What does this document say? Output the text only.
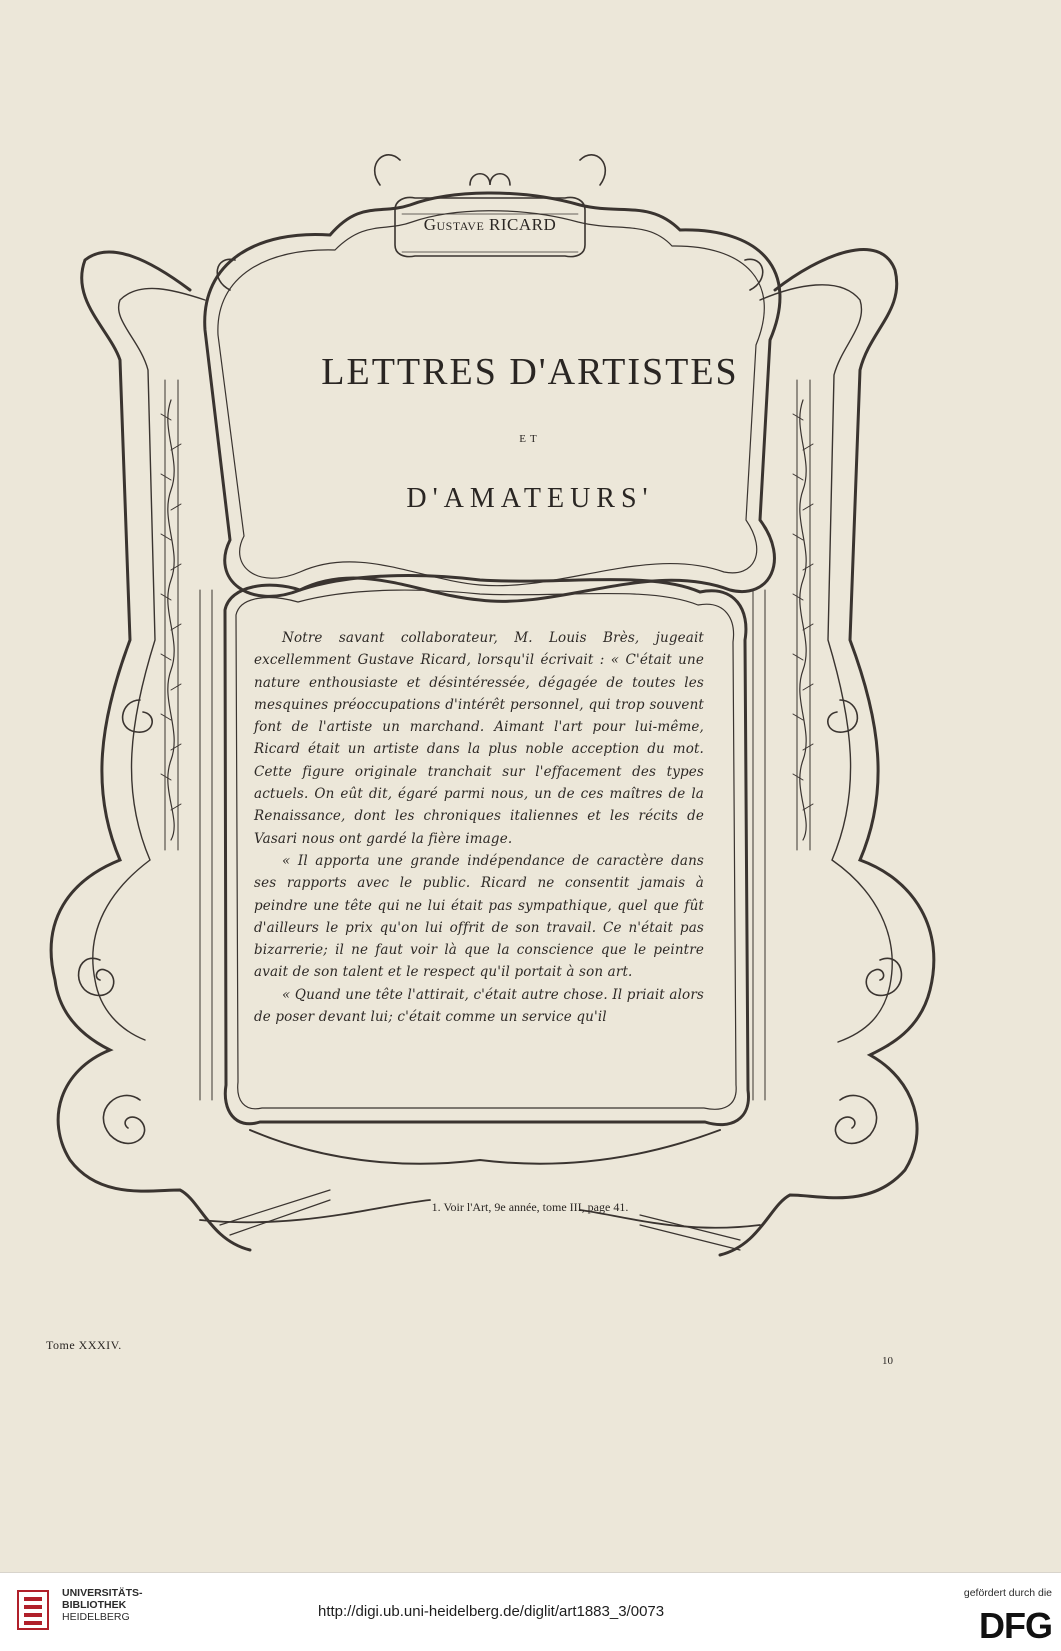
Gustave RICARD
LETTRES D'ARTISTES
ET
D'AMATEURS'

Notre savant collaborateur, M. Louis Brès, jugeait excellemment Gustave Ricard, lorsqu'il écrivait : « C'était une nature enthousiaste et désintéressée, dégagée de toutes les mesquines préoccupations d'intérêt personnel, qui trop souvent font de l'artiste un marchand. Aimant l'art pour lui-même, Ricard était un artiste dans la plus noble acception du mot. Cette figure originale tranchait sur l'effacement des types actuels. On eût dit, égaré parmi nous, un de ces maîtres de la Renaissance, dont les chroniques italiennes et les récits de Vasari nous ont gardé la fière image.

« Il apporta une grande indépendance de caractère dans ses rapports avec le public. Ricard ne consentit jamais à peindre une tête qui ne lui était pas sympathique, quel que fût d'ailleurs le prix qu'on lui offrit de son travail. Ce n'était pas bizarrerie; il ne faut voir là que la conscience que le peintre avait de son talent et le respect qu'il portait à son art.

« Quand une tête l'attirait, c'était autre chose. Il priait alors de poser devant lui; c'était comme un service qu'il

1. Voir l'Art, 9e année, tome III, page 41.
Tome XXXIV.
10
UNIVERSITÄTS-
BIBLIOTHEK
HEIDELBERG	http://digi.ub.uni-heidelberg.de/diglit/art1883_3/0073
gefördert durch die
DFG
